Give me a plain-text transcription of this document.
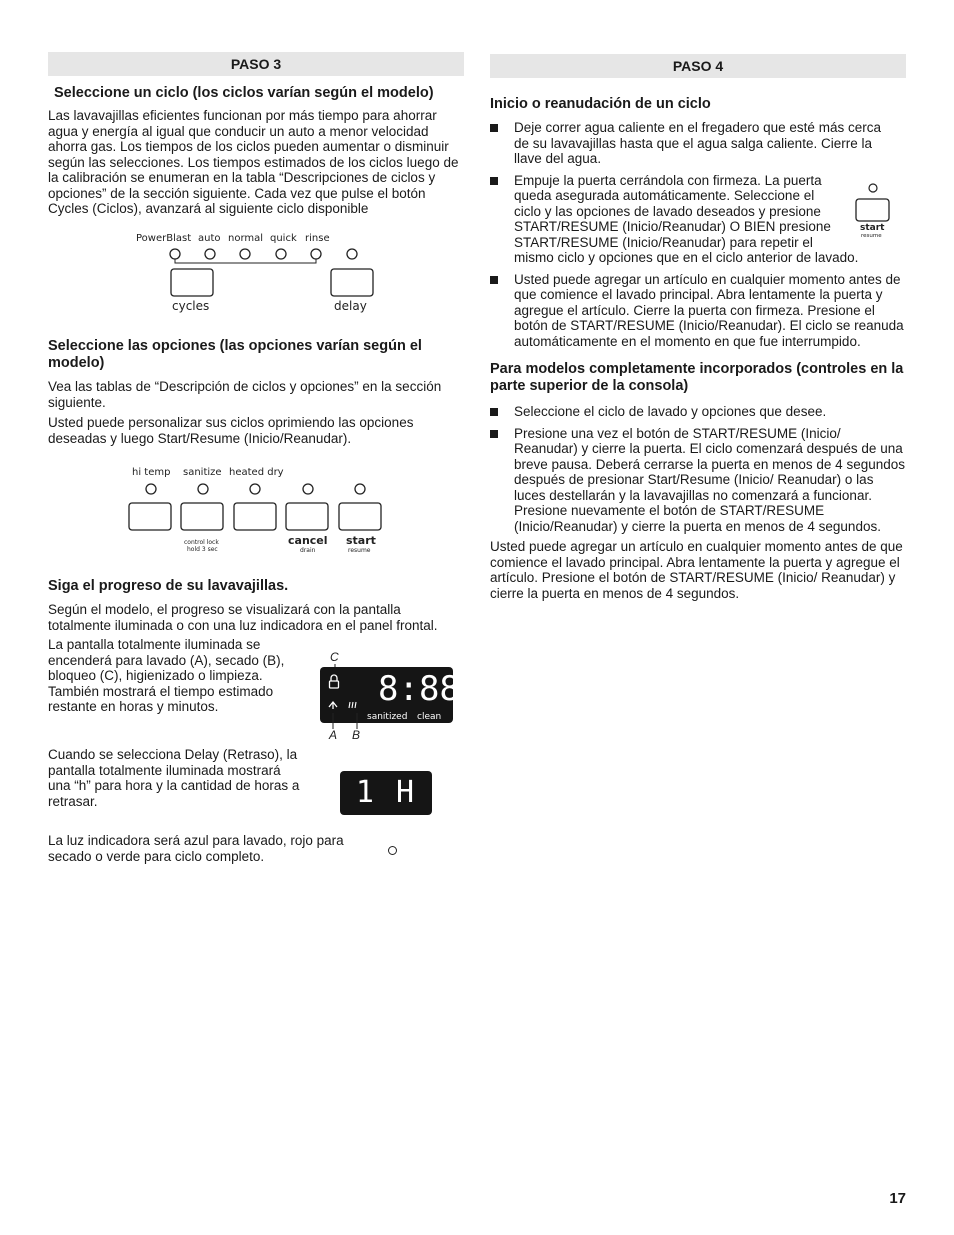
PASO 3
Seleccione un ciclo (los ciclos varían según el modelo)

Las lavavajillas eficientes funcionan por más tiempo para ahorrar agua y energía al igual que conducir un auto a menor velocidad ahorra gas. Los tiempos de los ciclos pueden aumentar o disminuir según las selecciones. Los tiempos estimados de los ciclos luego de la calibración se enumeran en la tabla “Descripciones de ciclos y opciones” de la sección siguiente. Cada vez que pulse el botón Cycles (Ciclos), avanzará al siguiente ciclo disponible

PowerBlast auto normal quick rinse
cycles	delay
Seleccione las opciones (las opciones varían según el modelo)

Vea las tablas de “Descripción de ciclos y opciones” en la sección siguiente.

Usted puede personalizar sus ciclos oprimiendo las opciones deseadas y luego Start/Resume (Inicio/Reanudar).

hi temp sanitize heated dry
control lock
hold 3 sec
cancel
drain
start
resume
Siga el progreso de su lavavajillas.

Según el modelo, el progreso se visualizará con la pantalla totalmente iluminada o con una luz indicadora en el panel frontal.

La pantalla totalmente iluminada se encenderá para lavado (A), secado (B), bloqueo (C), higienizado o limpieza. También mostrará el tiempo estimado restante en horas y minutos.

C
8:88
sanitized clean
A B

Cuando se selecciona Delay (Retraso), la pantalla totalmente iluminada mostrará una “h” para hora y la cantidad de horas a retrasar.	1 H

La luz indicadora será azul para lavado, rojo para secado o verde para ciclo completo.

PASO 4
Inicio o reanudación de un ciclo
Deje correr agua caliente en el fregadero que esté más cerca de su lavavajillas hasta que el agua salga caliente. Cierre la llave del agua.
Empuje la puerta cerrándola con firmeza. La puerta queda asegurada automáticamente. Seleccione el ciclo y las opciones de lavado deseados y presione START/RESUME (Inicio/Reanudar) O BIEN presione START/RESUME (Inicio/Reanudar) para repetir el mismo ciclo y opciones que en el ciclo anterior de lavado.
Usted puede agregar un artículo en cualquier momento antes de que comience el lavado principal. Abra lentamente la puerta y agregue el artículo. Cierre la puerta con firmeza. Presione el botón de START/RESUME (Inicio/Reanudar). El ciclo se reanuda automáticamente en el momento en que fue interrumpido.
start
resume
Para modelos completamente incorporados (controles en la parte superior de la consola)
Seleccione el ciclo de lavado y opciones que desee.
Presione una vez el botón de START/RESUME (Inicio/ Reanudar) y cierre la puerta. El ciclo comenzará después de una breve pausa. Deberá cerrarse la puerta en menos de 4 segundos después de presionar Start/Resume (Inicio/ Reanudar) o las luces destellarán y la lavavajillas no comenzará a funcionar. Presione nuevamente el botón de START/RESUME (Inicio/Reanudar) y cierre la puerta en menos de 4 segundos.

Usted puede agregar un artículo en cualquier momento antes de que comience el lavado principal. Abra lentamente la puerta y agregue el artículo. Presione el botón de START/RESUME (Inicio/ Reanudar) y cierre la puerta en menos de 4 segundos.

17
